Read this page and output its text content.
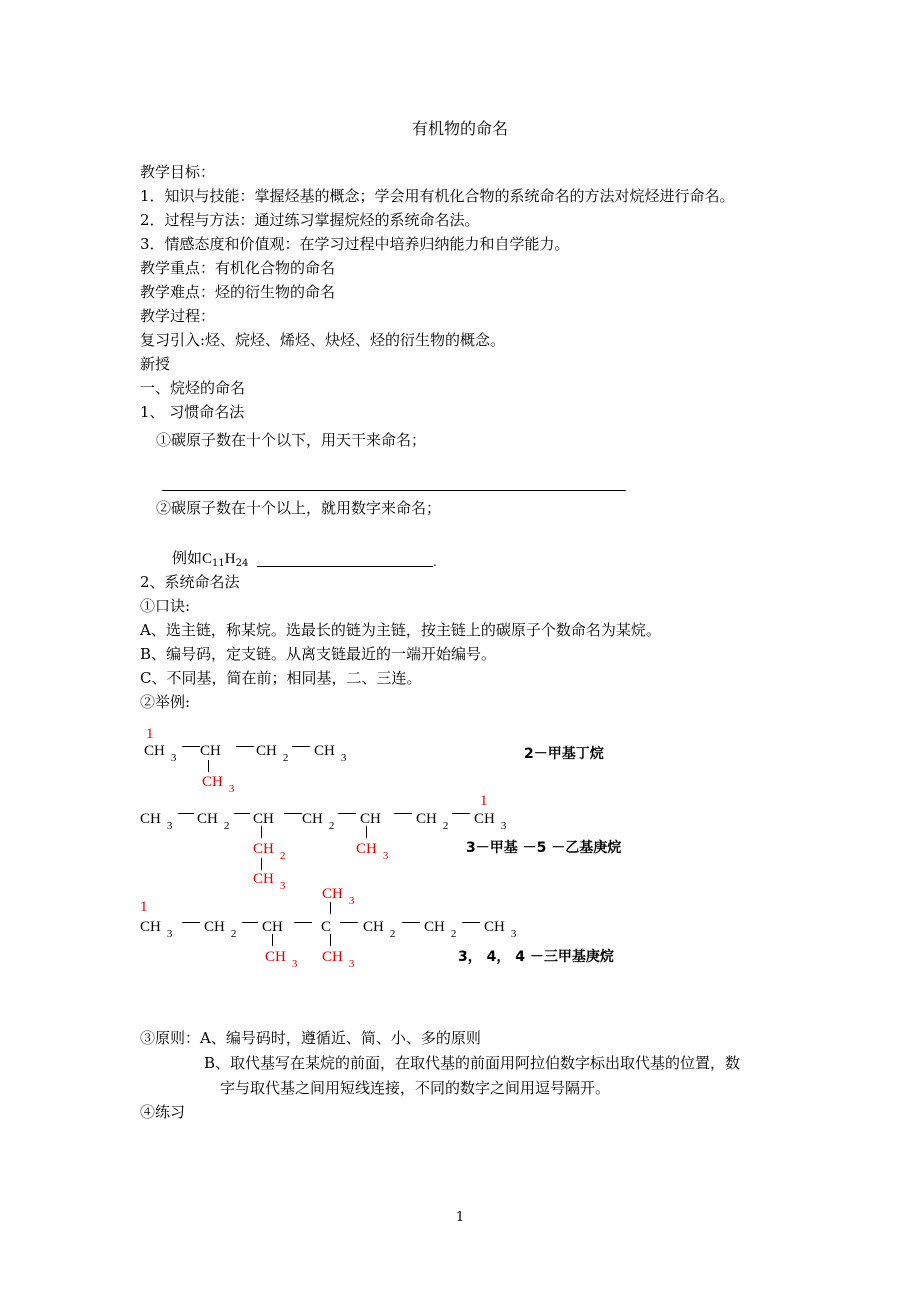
有机物的命名
教学目标：
1．知识与技能：掌握烃基的概念；学会用有机化合物的系统命名的方法对烷烃进行命名。
2．过程与方法：通过练习掌握烷烃的系统命名法。
3．情感态度和价值观：在学习过程中培养归纳能力和自学能力。
教学重点：有机化合物的命名
教学难点：烃的衍生物的命名
教学过程：
复习引入:烃、烷烃、烯烃、炔烃、烃的衍生物的概念。
新授
一、烷烃的命名
1、 习惯命名法
①碳原子数在十个以下，用天干来命名；
②碳原子数在十个以上，就用数字来命名；
例如$C_{11}H_{24}$	.
2、系统命名法
①口诀:
A、选主链，称某烷。选最长的链为主链，按主链上的碳原子个数命名为某烷。
B、编号码，定支链。从离支链最近的一端开始编号。
C、不同基，简在前；相同基，二、三连。
②举例:
1
CH $_3$ CH CH $_2$ CH $_3$
CH $_3$
2－甲基丁烷
1
CH $_3$ CH $_2$ CH CH $_2$ CH CH $_2$ CH $_3$
CH $_2$
CH $_3$
CH $_3$	3－甲基 －5 －乙基庚烷
1
CH $_3$
CH $_3$ CH $_2$ CH	C CH $_2$ CH $_2$ CH $_3$
CH $_3$ CH $_3$	3， 4， 4 －三甲基庚烷
③原则：A、编号码时，遵循近、简、小、多的原则
B、取代基写在某烷的前面，在取代基的前面用阿拉伯数字标出取代基的位置，数
字与取代基之间用短线连接，不同的数字之间用逗号隔开。
④练习
1
